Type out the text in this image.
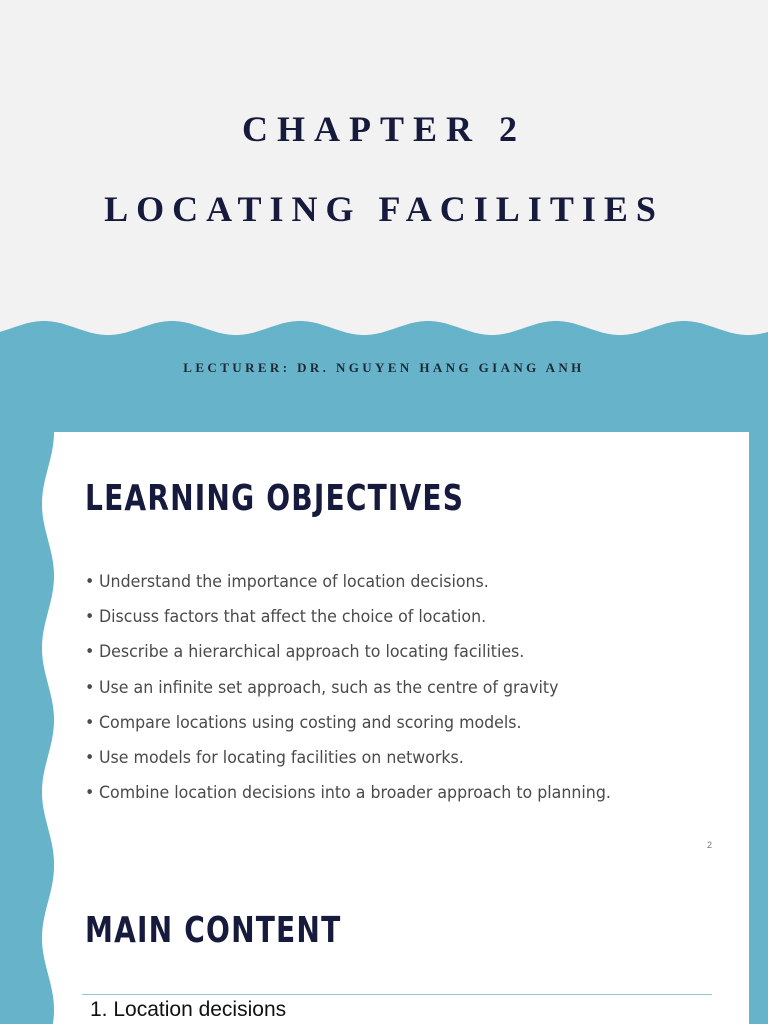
CHAPTER 2
LOCATING FACILITIES
LECTURER: DR. NGUYEN HANG GIANG ANH
LEARNING OBJECTIVES
• Understand the importance of location decisions.
• Discuss factors that affect the choice of location.
• Describe a hierarchical approach to locating facilities.
• Use an infinite set approach, such as the centre of gravity
• Compare locations using costing and scoring models.
• Use models for locating facilities on networks.
• Combine location decisions into a broader approach to planning.
2
MAIN CONTENT
1. Location decisions
